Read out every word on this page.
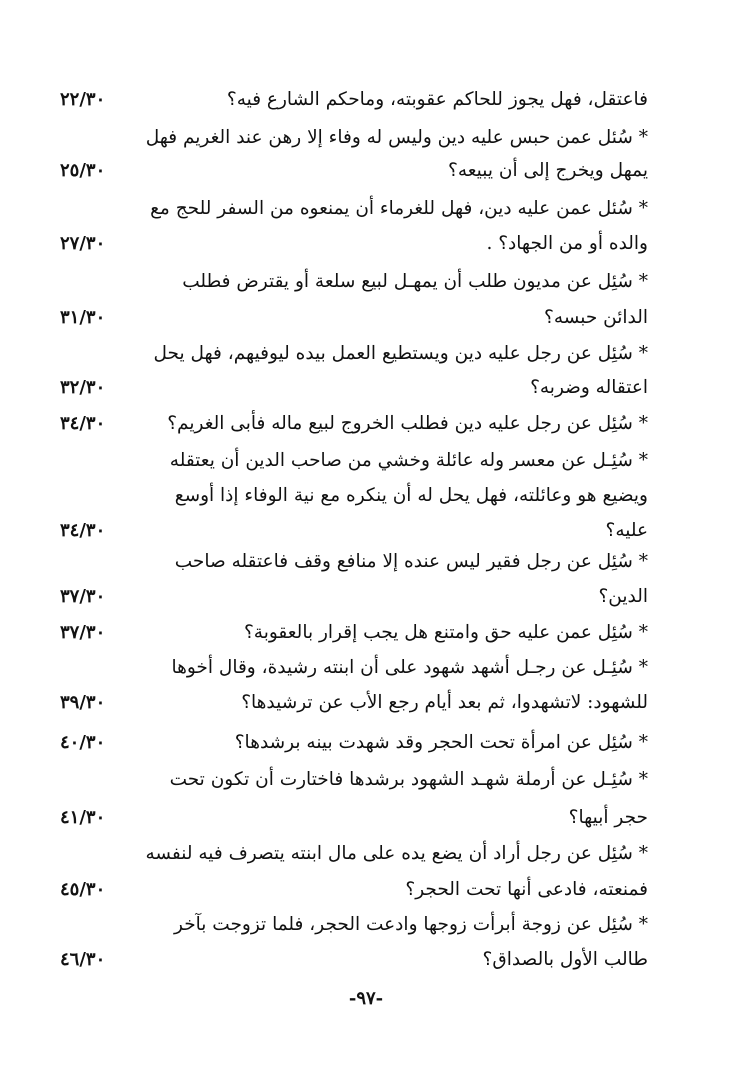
فاعتقل، فهل يجوز للحاكم عقوبته، وماحكم الشارع فيه؟
٢٢/٣٠
* سُئل عمن حبس عليه دين وليس له وفاء إلا رهن عند الغريم فهل
يمهل ويخرج إلى أن يبيعه؟
٢٥/٣٠
* سُئل عمن عليه دين، فهل للغرماء أن يمنعوه من السفر للحج مع
والده أو من الجهاد؟ .
٢٧/٣٠
* سُئِل عن مديون طلب أن يمهـل لبيع سلعة أو يقترض فطلب
الدائن حبسه؟
٣١/٣٠
* سُئِل عن رجل عليه دين ويستطيع العمل بيده ليوفيهم، فهل يحل
اعتقاله وضربه؟
٣٢/٣٠
* سُئِل عن رجل عليه دين فطلب الخروج لبيع ماله فأبى الغريم؟
٣٤/٣٠
* سُئِـل عن معسر وله عائلة وخشي من صاحب الدين أن يعتقله
ويضيع هو وعائلته، فهل يحل له أن ينكره مع نية الوفاء إذا أوسع
عليه؟
٣٤/٣٠
* سُئِل عن رجل فقير ليس عنده إلا منافع وقف فاعتقله صاحب
الدين؟
٣٧/٣٠
* سُئِل عمن عليه حق وامتنع هل يجب إقرار بالعقوبة؟
٣٧/٣٠
* سُئِـل عن رجـل أشهد شهود على أن ابنته رشيدة، وقال أخوها
للشهود: لاتشهدوا، ثم بعد أيام رجع الأب عن ترشيدها؟
٣٩/٣٠
* سُئِل عن امرأة تحت الحجر وقد شهدت بينه برشدها؟
٤٠/٣٠
* سُئِـل عن أرملة شهـد الشهود برشدها فاختارت أن تكون تحت
حجر أبيها؟
٤١/٣٠
* سُئِل عن رجل أراد أن يضع يده على مال ابنته يتصرف فيه لنفسه
فمنعته، فادعى أنها تحت الحجر؟
٤٥/٣٠
* سُئِل عن زوجة أبرأت زوجها وادعت الحجر، فلما تزوجت بآخر
طالب الأول بالصداق؟
٤٦/٣٠
-٩٧-
